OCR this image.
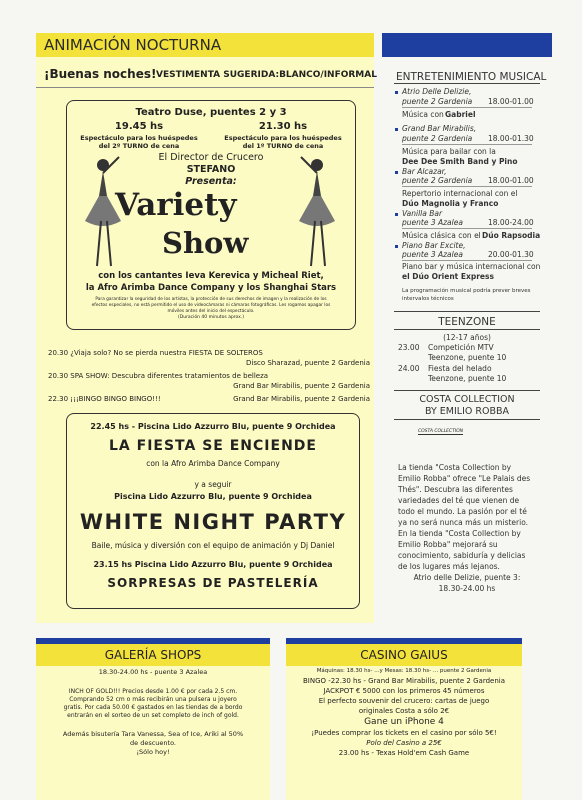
ANIMACIÓN NOCTURNA
¡Buenas noches! VESTIMENTA SUGERIDA:BLANCO/INFORMAL
Teatro Duse, puentes 2 y 3
19.45 hs
Espectáculo para los huéspedes
del 2º TURNO de cena
21.30 hs
Espectáculo para los huéspedes
del 1º TURNO de cena
El Director de Crucero
STEFANO
Presenta:
Variety
Show
con los cantantes Ieva Kerevica y Micheal Riet,
la Afro Arimba Dance Company y los Shanghai Stars
Para garantizar la seguridad de los artistas, la protección de sus derechos de imagen y la realización de los
efectos especiales, no está permitido el uso de videocámaras ni cámaras fotográficas. Les rogamos apagar los
móviles antes del inicio del espectáculo.
(Duración 40 minutos aprox.)
20.30 ¿Viaja solo? No se pierda nuestra FIESTA DE SOLTEROS
Disco Sharazad, puente 2 Gardenia
20.30 SPA SHOW: Descubra diferentes tratamientos de belleza
Grand Bar Mirabilis, puente 2 Gardenia
22.30 ¡¡¡BINGO BINGO BINGO!!!	Grand Bar Mirabilis, puente 2 Gardenia
22.45 hs - Piscina Lido Azzurro Blu, puente 9 Orchidea
LA FIESTA SE ENCIENDE
con la Afro Arimba Dance Company
y a seguir
Piscina Lido Azzurro Blu, puente 9 Orchidea
WHITE NIGHT PARTY
Baile, música y diversión con el equipo de animación y Dj Daniel
23.15 hs Piscina Lido Azzurro Blu, puente 9 Orchidea
SORPRESAS DE PASTELERÍA
ENTRETENIMIENTO MUSICAL
Atrio Delle Delizie,
puente 2 Gardenia 18.00-01.00
Música con Gabriel
Grand Bar Mirabilis,
puente 2 Gardenia 18.00-01.30
Música para bailar con la
Dee Dee Smith Band y Pino
Bar Alcazar,
puente 2 Gardenia 18.00-01.00
Repertorio internacional con el
Dúo Magnolia y Franco
Vanilla Bar
puente 3 Azalea	18.00-24.00
Música clásica con el Dúo Rapsodia
Piano Bar Excite,
puente 3 Azalea	20.00-01.30
Piano bar y música internacional con
el Dúo Orient Express
La programación musical podría prever breves
intervalos técnicos
TEENZONE
(12-17 años)
23.00 Competición MTV
Teenzone, puente 10
24.00 Fiesta del helado
Teenzone, puente 10
COSTA COLLECTION
BY EMILIO ROBBA
COSTA COLLECTION
La tienda "Costa Collection by
Emilio Robba" ofrece "Le Palais des
Thés". Descubra las diferentes
variedades del té que vienen de
todo el mundo. La pasión por el té
ya no será nunca más un misterio.
En la tienda "Costa Collection by
Emilio Robba" mejorará su
conocimiento, sabiduría y delicias
de los lugares más lejanos.
Atrio delle Delizie, puente 3:
18.30-24.00 hs
GALERÍA SHOPS
18.30-24.00 hs - puente 3 Azalea
INCH OF GOLD!!! Precios desde 1.00 € por cada 2.5 cm.
Comprando 52 cm o más recibirán una pulsera u joyero
gratis. Por cada 50.00 € gastados en las tiendas de a bordo
entrarán en el sorteo de un set completo de inch of gold.
Además bisutería Tara Vanessa, Sea of Ice, Ariki al 50%
de descuento.
¡Sólo hoy!
CASINO GAIUS
Máquinas: 18.30 hs- ...y Mesas: 18.30 hs- ... puente 2 Gardenia
BINGO -22.30 hs - Grand Bar Mirabilis, puente 2 Gardenia
JACKPOT € 5000 con los primeros 45 números
El perfecto souvenir del crucero: cartas de juego
originales Costa a sólo 2€
Gane un iPhone 4
¡Puedes comprar los tickets en el casino por sólo 5€!
Polo del Casino a 25€
23.00 hs - Texas Hold'em Cash Game
